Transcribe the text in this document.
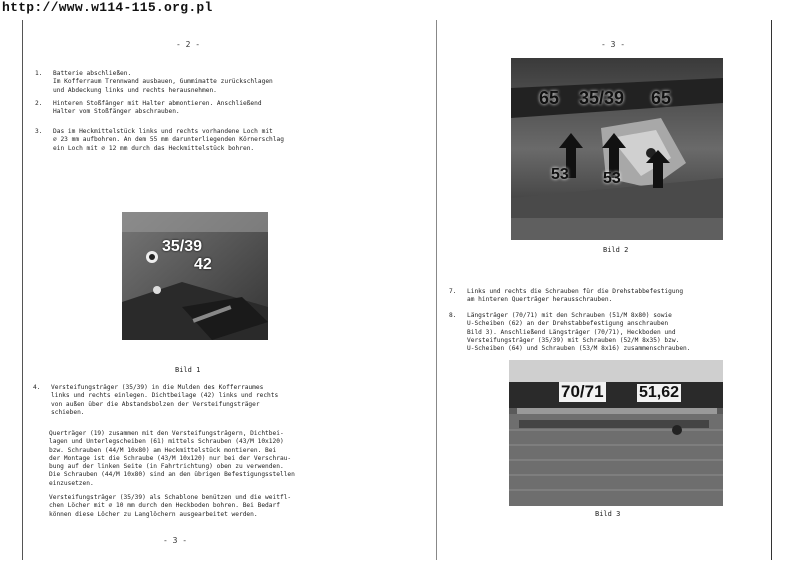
http://www.w114-115.org.pl
- 2 -
1. Batterie abschließen.
Im Kofferraum Trennwand ausbauen, Gummimatte zurückschlagen
und Abdeckung links und rechts herausnehmen.
2. Hinteren Stoßfänger mit Halter abmontieren. Anschließend
Halter vom Stoßfänger abschrauben.
3. Das im Heckmittelstück links und rechts vorhandene Loch mit
∅ 23 mm aufbohren. An dem 55 mm darunterliegenden Körnerschlag
ein Loch mit ∅ 12 mm durch das Heckmittelstück bohren.
35/39
42
Bild 1
4. Versteifungsträger (35/39) in die Mulden des Kofferraumes
links und rechts einlegen. Dichtbeilage (42) links und rechts
von außen über die Abstandsbolzen der Versteifungsträger
schieben.
Querträger (19) zusammen mit den Versteifungsträgern, Dichtbei-
lagen und Unterlegscheiben (61) mittels Schrauben (43/M 10x120)
bzw. Schrauben (44/M 10x80) am Heckmittelstück montieren. Bei
der Montage ist die Schraube (43/M 10x120) nur bei der Verschrau-
bung auf der linken Seite (in Fahrtrichtung) oben zu verwenden.
Die Schrauben (44/M 10x80) sind an den übrigen Befestigungsstellen
einzusetzen.
Versteifungsträger (35/39) als Schablone benützen und die weitfl-
chen Löcher mit ∅ 10 mm durch den Heckboden bohren. Bei Bedarf
können diese Löcher zu Langlöchern ausgearbeitet werden.
- 3 -
- 3 -
65 35/39 65
53 53
Bild 2
7. Links und rechts die Schrauben für die Drehstabbefestigung
am hinteren Querträger herausschrauben.
8. Längsträger (70/71) mit den Schrauben (51/M 8x80) sowie
U-Scheiben (62) an der Drehstabbefestigung anschrauben
Bild 3). Anschließend Längsträger (70/71), Heckboden und
Versteifungsträger (35/39) mit Schrauben (52/M 8x35) bzw.
U-Scheiben (64) und Schrauben (53/M 8x16) zusammenschrauben.
70/71 51,62
Bild 3
